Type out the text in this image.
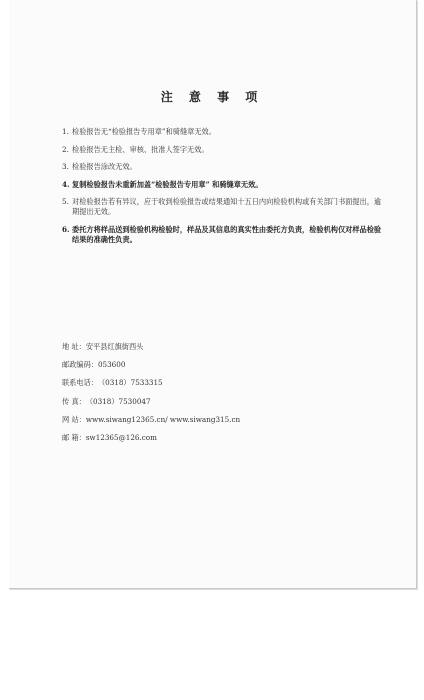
注 意 事 项
1. 检验报告无“检验报告专用章”和骑缝章无效。
2. 检验报告无主检、审核、批准人签字无效。
3. 检验报告涂改无效。
4. 复制检验报告未重新加盖“检验报告专用章” 和骑缝章无效。
5. 对检验报告若有异议，应于收到检验报告或结果通知十五日内向检验机构或有关部门书面提出，逾期提出无效。
6. 委托方将样品送到检验机构检验时，样品及其信息的真实性由委托方负责，检验机构仅对样品检验结果的准确性负责。
地 址： 安平县红旗街西头
邮政编码： 053600
联系电话： （0318）7533315
传 真： （0318）7530047
网 站： www.siwang12365.cn/ www.siwang315.cn
邮 箱： sw12365@126.com
